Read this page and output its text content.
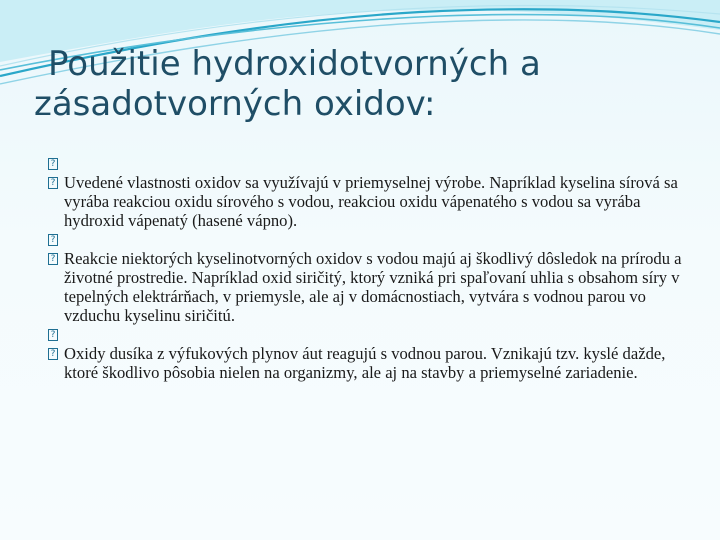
Použitie hydroxidotvorných a
zásadotvorných oxidov:
?
? Uvedené vlastnosti oxidov sa využívajú v priemyselnej výrobe. Napríklad kyselina sírová sa vyrába reakciou oxidu sírového s vodou, reakciou oxidu vápenatého s vodou sa vyrába hydroxid vápenatý (hasené vápno).
?
? Reakcie niektorých kyselinotvorných oxidov s vodou majú aj škodlivý dôsledok na prírodu a životné prostredie. Napríklad oxid siričitý, ktorý vzniká pri spaľovaní uhlia s obsahom síry v tepelných elektrárňach, v priemysle, ale aj v domácnostiach, vytvára s vodnou parou vo vzduchu kyselinu siričitú.
?
? Oxidy dusíka z výfukových plynov áut reagujú s vodnou parou. Vznikajú tzv. kyslé dažde, ktoré škodlivo pôsobia nielen na organizmy, ale aj na stavby a priemyselné zariadenie.
